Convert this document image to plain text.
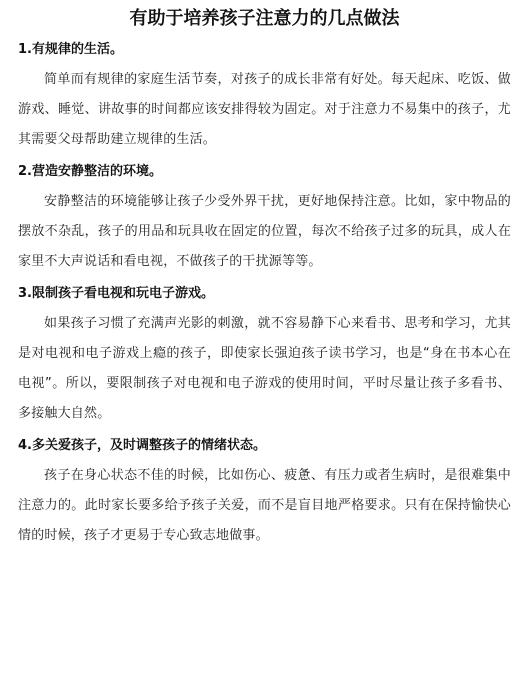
有助于培养孩子注意力的几点做法

1.有规律的生活。

简单而有规律的家庭生活节奏，对孩子的成长非常有好处。每天起床、吃饭、做游戏、睡觉、讲故事的时间都应该安排得较为固定。对于注意力不易集中的孩子，尤其需要父母帮助建立规律的生活。

2.营造安静整洁的环境。

安静整洁的环境能够让孩子少受外界干扰，更好地保持注意。比如，家中物品的摆放不杂乱，孩子的用品和玩具收在固定的位置，每次不给孩子过多的玩具，成人在家里不大声说话和看电视，不做孩子的干扰源等等。

3.限制孩子看电视和玩电子游戏。

如果孩子习惯了充满声光影的刺激，就不容易静下心来看书、思考和学习，尤其是对电视和电子游戏上瘾的孩子，即使家长强迫孩子读书学习，也是“身在书本心在电视”。所以，要限制孩子对电视和电子游戏的使用时间，平时尽量让孩子多看书、多接触大自然。

4.多关爱孩子，及时调整孩子的情绪状态。

孩子在身心状态不佳的时候，比如伤心、疲惫、有压力或者生病时，是很难集中注意力的。此时家长要多给予孩子关爱，而不是盲目地严格要求。只有在保持愉快心情的时候，孩子才更易于专心致志地做事。
